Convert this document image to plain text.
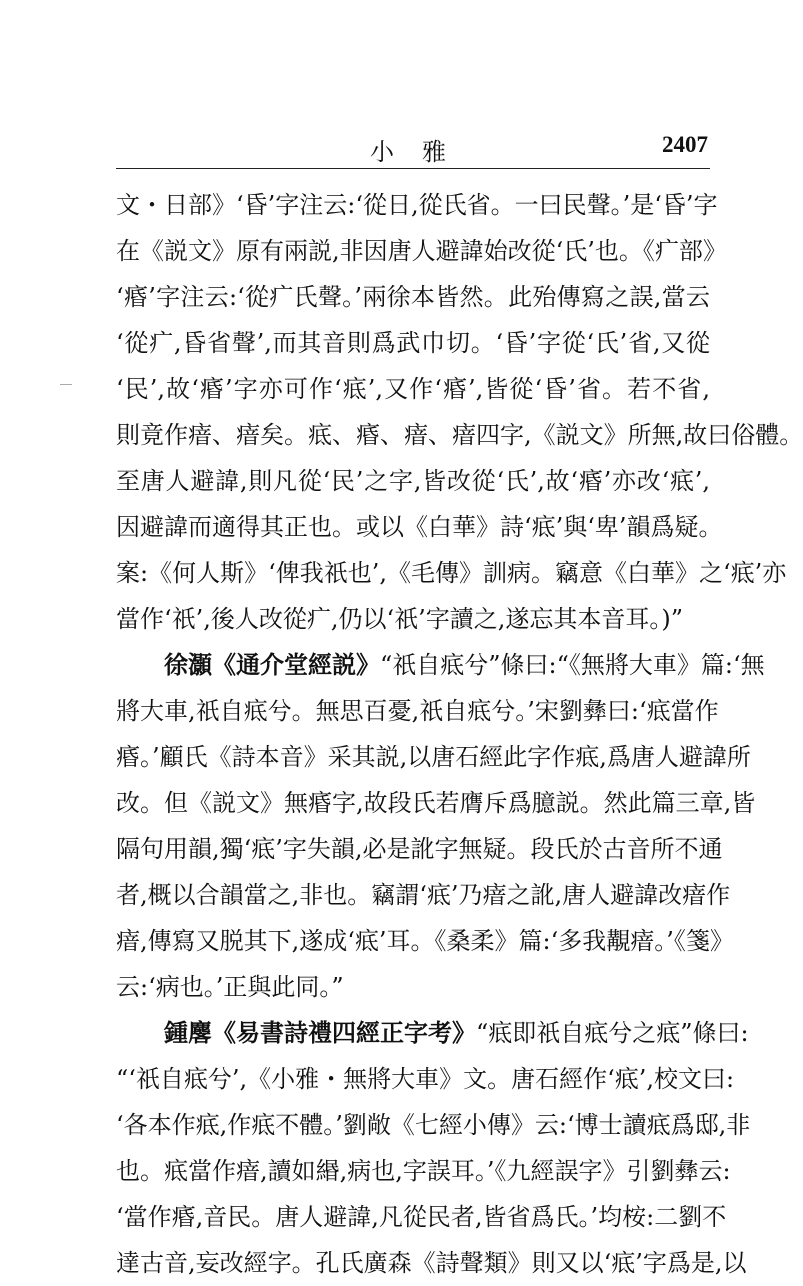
小雅	2407
文・日部》‘昏’字注云:‘從日,從氏省。一曰民聲。’是‘昏’字
在《説文》原有兩説,非因唐人避諱始改從‘氏’也。《疒部》
‘痻’字注云:‘從疒氏聲。’兩徐本皆然。此殆傳寫之誤,當云
‘從疒,昏省聲’,而其音則爲武巾切。‘昏’字從‘氏’省,又從
‘民’,故‘痻’字亦可作‘疷’,又作‘痻’,皆從‘昏’省。若不省,
則竟作瘖、瘖矣。疷、痻、瘖、瘖四字,《説文》所無,故曰俗體。
至唐人避諱,則凡從‘民’之字,皆改從‘氏’,故‘痻’亦改‘疷’,
因避諱而適得其正也。或以《白華》詩‘疷’與‘卑’韻爲疑。
案:《何人斯》‘俾我祇也’,《毛傳》訓病。竊意《白華》之‘疷’亦
當作‘祇’,後人改從疒,仍以‘祇’字讀之,遂忘其本音耳。)”
徐灝《通介堂經説》“祇自疷兮”條曰:“《無將大車》篇:‘無
將大車,祇自疷兮。無思百憂,祇自疷兮。’宋劉彝曰:‘疷當作
痻。’顧氏《詩本音》采其説,以唐石經此字作疷,爲唐人避諱所
改。但《説文》無痻字,故段氏若膺斥爲臆説。然此篇三章,皆
隔句用韻,獨‘疷’字失韻,必是訛字無疑。段氏於古音所不通
者,概以合韻當之,非也。竊謂‘疷’乃瘖之訛,唐人避諱改瘖作
瘖,傳寫又脱其下,遂成‘疷’耳。《桑柔》篇:‘多我覯瘖。’《箋》
云:‘病也。’正與此同。”
鍾麐《易書詩禮四經正字考》“疷即祇自疷兮之疷”條曰:
“‘祇自疷兮’,《小雅・無將大車》文。唐石經作‘疷’,校文曰:
‘各本作疷,作疷不體。’劉敞《七經小傳》云:‘博士讀疷爲邸,非
也。疷當作瘖,讀如緡,病也,字誤耳。’《九經誤字》引劉彝云:
‘當作痻,音民。唐人避諱,凡從民者,皆省爲氏。’均桉:二劉不
達古音,妄改經字。孔氏廣森《詩聲類》則又以‘疷’字爲是,以
